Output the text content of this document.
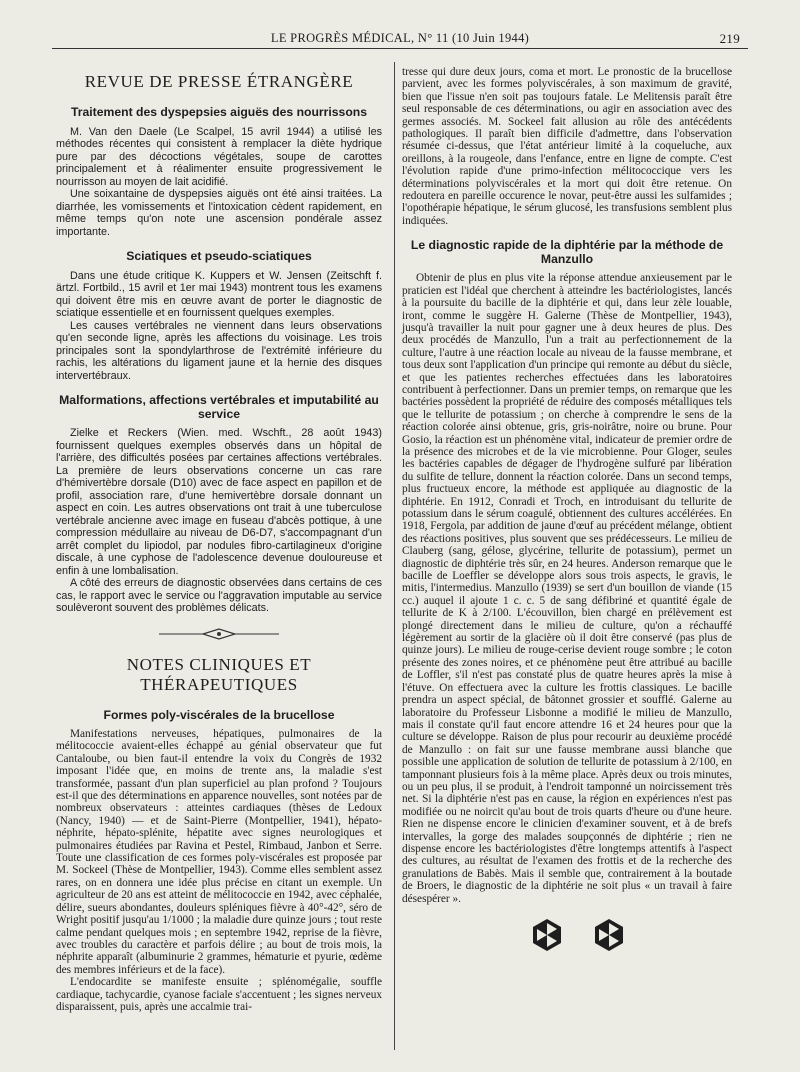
LE PROGRÈS MÉDICAL, N° 11 (10 Juin 1944)	219
REVUE DE PRESSE ÉTRANGÈRE
Traitement des dyspepsies aiguës des nourrissons

M. Van den Daele (Le Scalpel, 15 avril 1944) a utilisé les méthodes récentes qui consistent à remplacer la diète hydrique pure par des décoctions végétales, soupe de carottes principalement et à réalimenter ensuite progressivement le nourrisson au moyen de lait acidifié.

Une soixantaine de dyspepsies aiguës ont été ainsi traitées. La diarrhée, les vomissements et l'intoxication cèdent rapidement, en même temps qu'on note une ascension pondérale assez importante.

Sciatiques et pseudo-sciatiques

Dans une étude critique K. Kuppers et W. Jensen (Zeitschft f. ärtzl. Fortbild., 15 avril et 1er mai 1943) montrent tous les examens qui doivent être mis en œuvre avant de porter le diagnostic de sciatique essentielle et en fournissent quelques exemples.

Les causes vertébrales ne viennent dans leurs observations qu'en seconde ligne, après les affections du voisinage. Les trois principales sont la spondylarthrose de l'extrémité inférieure du rachis, les altérations du ligament jaune et la hernie des disques intervertébraux.

Malformations, affections vertébrales et imputabilité au service

Zielke et Reckers (Wien. med. Wschft., 28 août 1943) fournissent quelques exemples observés dans un hôpital de l'arrière, des difficultés posées par certaines affections vertébrales. La première de leurs observations concerne un cas rare d'hémivertèbre dorsale (D10) avec de face aspect en papillon et de profil, association rare, d'une hemivertèbre dorsale donnant un aspect en coin. Les autres observations ont trait à une tuberculose vertébrale ancienne avec image en fuseau d'abcès pottique, à une compression médullaire au niveau de D6-D7, s'accompagnant d'un arrêt complet du lipiodol, par nodules fibro-cartilagineux d'origine discale, à une cyphose de l'adolescence devenue douloureuse et enfin à une lombalisation.

A côté des erreurs de diagnostic observées dans certains de ces cas, le rapport avec le service ou l'aggravation imputable au service soulèveront souvent des problèmes délicats.

NOTES CLINIQUES ET THÉRAPEUTIQUES
Formes poly-viscérales de la brucellose

Manifestations nerveuses, hépatiques, pulmonaires de la mélitococcie avaient-elles échappé au génial observateur que fut Cantaloube, ou bien faut-il entendre la voix du Congrès de 1932 imposant l'idée que, en moins de trente ans, la maladie s'est transformée, passant d'un plan superficiel au plan profond ? Toujours est-il que des déterminations en apparence nouvelles, sont notées par de nombreux observateurs : atteintes cardiaques (thèses de Ledoux (Nancy, 1940) — et de Saint-Pierre (Montpellier, 1941), hépato-néphrite, hépato-splénite, hépatite avec signes neurologiques et pulmonaires étudiées par Ravina et Pestel, Rimbaud, Janbon et Serre. Toute une classification de ces formes poly-viscérales est proposée par M. Sockeel (Thèse de Montpellier, 1943). Comme elles semblent assez rares, on en donnera une idée plus précise en citant un exemple. Un agriculteur de 20 ans est atteint de mélitococcie en 1942, avec céphalée, délire, sueurs abondantes, douleurs spléniques fièvre à 40°-42°, séro de Wright positif jusqu'au 1/1000 ; la maladie dure quinze jours ; tout reste calme pendant quelques mois ; en septembre 1942, reprise de la fièvre, avec troubles du caractère et parfois délire ; au bout de trois mois, la néphrite apparaît (albuminurie 2 grammes, hématurie et pyurie, œdème des membres inférieurs et de la face).

L'endocardite se manifeste ensuite ; splénomégalie, souffle cardiaque, tachycardie, cyanose faciale s'accentuent ; les signes nerveux disparaissent, puis, après une accalmie trai-

tresse qui dure deux jours, coma et mort. Le pronostic de la brucellose parvient, avec les formes polyviscérales, à son maximum de gravité, bien que l'issue n'en soit pas toujours fatale. Le Melitensis paraît être seul responsable de ces déterminations, ou agir en association avec des germes associés. M. Sockeel fait allusion au rôle des antécédents pathologiques. Il paraît bien difficile d'admettre, dans l'observation résumée ci-dessus, que l'état antérieur limité à la coqueluche, aux oreillons, à la rougeole, dans l'enfance, entre en ligne de compte. C'est l'évolution rapide d'une primo-infection mélitococcique vers les déterminations polyviscérales et la mort qui doit être retenue. On redoutera en pareille occurence le novar, peut-être aussi les sulfamides ; l'opothérapie hépatique, le sérum glucosé, les transfusions semblent plus indiquées.

Le diagnostic rapide de la diphtérie par la méthode de Manzullo

Obtenir de plus en plus vite la réponse attendue anxieusement par le praticien est l'idéal que cherchent à atteindre les bactériologistes, lancés à la poursuite du bacille de la diphtérie et qui, dans leur zèle louable, iront, comme le suggère H. Galerne (Thèse de Montpellier, 1943), jusqu'à travailler la nuit pour gagner une à deux heures de plus. Des deux procédés de Manzullo, l'un a trait au perfectionnement de la culture, l'autre à une réaction locale au niveau de la fausse membrane, et tous deux sont l'application d'un principe qui remonte au début du siècle, et que les patientes recherches effectuées dans les laboratoires contribuent à perfectionner. Dans un premier temps, on remarque que les bactéries possèdent la propriété de réduire des composés métalliques tels que le tellurite de potassium ; on cherche à comprendre le sens de la réaction colorée ainsi obtenue, gris, gris-noirâtre, noire ou brune. Pour Gosio, la réaction est un phénomène vital, indicateur de premier ordre de la présence des microbes et de la vie microbienne. Pour Gloger, seules les bactéries capables de dégager de l'hydrogène sulfuré par libération du sulfite de tellure, donnent la réaction colorée. Dans un second temps, plus fructueux encore, la méthode est appliquée au diagnostic de la diphtérie. En 1912, Conradi et Troch, en introduisant du tellurite de potassium dans le sérum coagulé, obtiennent des cultures accélérées. En 1918, Fergola, par addition de jaune d'œuf au précédent mélange, obtient des réactions positives, plus souvent que ses prédécesseurs. Le milieu de Clauberg (sang, gélose, glycérine, tellurite de potassium), permet un diagnostic de diphtérie très sûr, en 24 heures. Anderson remarque que le bacille de Loeffler se développe alors sous trois aspects, le gravis, le mitis, l'intermedius. Manzullo (1939) se sert d'un bouillon de viande (15 cc.) auquel il ajoute 1 c. c. 5 de sang défibriné et quantité égale de tellurite de K à 2/100. L'écouvillon, bien chargé en prélèvement est plongé directement dans le milieu de culture, qu'on a réchauffé légèrement au sortir de la glacière où il doit être conservé (pas plus de quinze jours). Le milieu de rouge-cerise devient rouge sombre ; le coton présente des zones noires, et ce phénomène peut être attribué au bacille de Loffler, s'il n'est pas constaté plus de quatre heures après la mise à l'étuve. On effectuera avec la culture les frottis classiques. Le bacille prendra un aspect spécial, de bâtonnet grossier et soufflé. Galerne au laboratoire du Professeur Lisbonne a modifié le milieu de Manzullo, mais il constate qu'il faut encore attendre 16 et 24 heures pour que la culture se développe. Raison de plus pour recourir au deuxième procédé de Manzullo : on fait sur une fausse membrane aussi blanche que possible une application de solution de tellurite de potassium à 2/100, en tamponnant plusieurs fois à la même place. Après deux ou trois minutes, ou un peu plus, il se produit, à l'endroit tamponné un noircissement très net. Si la diphtérie n'est pas en cause, la région en expériences n'est pas modifiée ou ne noircit qu'au bout de trois quarts d'heure ou d'une heure. Rien ne dispense encore le clinicien d'examiner souvent, et à de brefs intervalles, la gorge des malades soupçonnés de diphtérie ; rien ne dispense encore les bactériologistes d'être longtemps attentifs à l'aspect des cultures, au résultat de l'examen des frottis et de la recherche des granulations de Babès. Mais il semble que, contrairement à la boutade de Broers, le diagnostic de la diphtérie ne soit plus « un travail à faire désespérer ».
